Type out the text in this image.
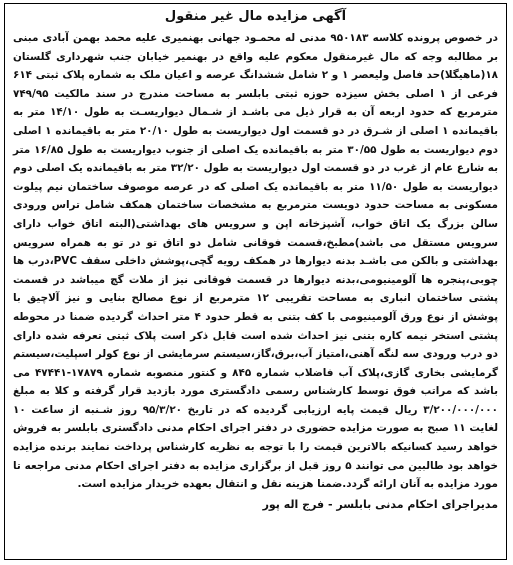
آگهی مزایده مال غیر منقول

در خصوص پرونده کلاسه ۹۵۰۱۸۳ مدنی له محمـود جهانی بهنمیری علیه محمد بهمن آبادی مبنی بر مطالبه وجه که مال غیرمنقول معکوم علیه واقع در بهنمیر خیابان جنب شهرداری گلستان ۱۸(ماهیگلا)حد فاصل ولیعصر ۱ و ۲ شامل ششدانگ عرصه و اعیان ملک به شماره پلاک ثبتی ۶۱۴ فرعی از ۱ اصلی بخش سیزده حوزه ثبتی بابلسر به مساحت مندرج در سند مالکیت ۷۴۹/۹۵ مترمربع که حدود اربعه آن به قرار ذیل می باشـد از شـمال دیواریسـت به طول ۱۴/۱۰ متر به باقیمانده ۱ اصلی از شـرق در دو قسمت اول دیواریست به طول ۲۰/۱۰ متر به باقیمانده ۱ اصلی دوم دیواریست به طول ۳۰/۵۵ متر به باقیمانده یک اصلی از جنوب دیواریست به طول ۱۶/۸۵ متر به شارع عام از غرب در دو قسمت اول دیواریست به طول ۳۲/۲۰ متر به باقیمانده یک اصلی دوم دیواریست به طول ۱۱/۵۰ متر به باقیمانده یک اصلی که در عرصه موصوف ساختمان نیم پیلوت مسکونی به مساحت حدود دویست مترمربع به مشخصات ساختمان همکف شامل تراس ورودی سالن بزرگ یک اتاق خواب، آشپزخانه اپن و سرویس های بهداشتی(البته اتاق خواب دارای سرویس مستقل می باشد)مطبخ،قسمت فوقانی شامل دو اتاق تو در تو به همراه سرویس بهداشتی و بالکن می باشـد بدنه دیوارها در همکف رویه گچی،پوشش داخلی سقف PVC،درب ها چوبی،پنجره ها آلومینیومی،بدنه دیوارها در قسمت فوقانی نیز از ملات گچ میباشد در قسمت پشتی ساختمان انباری به مساحت تقریبی ۱۲ مترمربع از نوع مصالح بنایی و نیز آلاچیق با پوشش از نوع ورق آلومینیومی با کف بتنی به قطر حدود ۴ متر احداث گردیده ضمنا در محوطه پشتی استخر نیمه کاره بتنی نیز احداث شده است قابل ذکر است پلاک ثبتی تعرفه شده دارای دو درب ورودی سه لنگه آهنی،امتیاز آب،برق،گاز،سیستم سرمایشی از نوع کولر اسپلیت،سیستم گرمایشی بخاری گازی،پلاک آب فاضلاب شماره ۸۴۵ و کنتور منصوبه شماره ۱۷۸۷۹-۴۷۴۴۱ می باشد که مراتب فوق توسط کارشناس رسمی دادگستری مورد بازدید قرار گرفته و کلا به مبلغ ۳/۲۰۰/۰۰۰/۰۰۰ ریال قیمت پایه ارزیابی گردیده که در تاریخ ۹۵/۳/۲۰ روز شـنبه از ساعت ۱۰ لغایت ۱۱ صبح به صورت مزایده حضوری در دفتر اجرای احکام مدنی دادگستری بابلسر به فروش خواهد رسید کسانیکه بالاترین قیمت را با توجه به نظریه کارشناس پرداخت نمایند برنده مزایده خواهد بود طالبین می توانند ۵ روز قبل از برگزاری مزایده به دفتر اجرای احکام مدنی مراجعه تا مورد مزایده به آنان ارائه گردد.ضمنا هزینه نقل و انتقال بعهده خریدار مزایده است.

مدیراجرای احکام مدنی بابلسر - فرج اله پور
